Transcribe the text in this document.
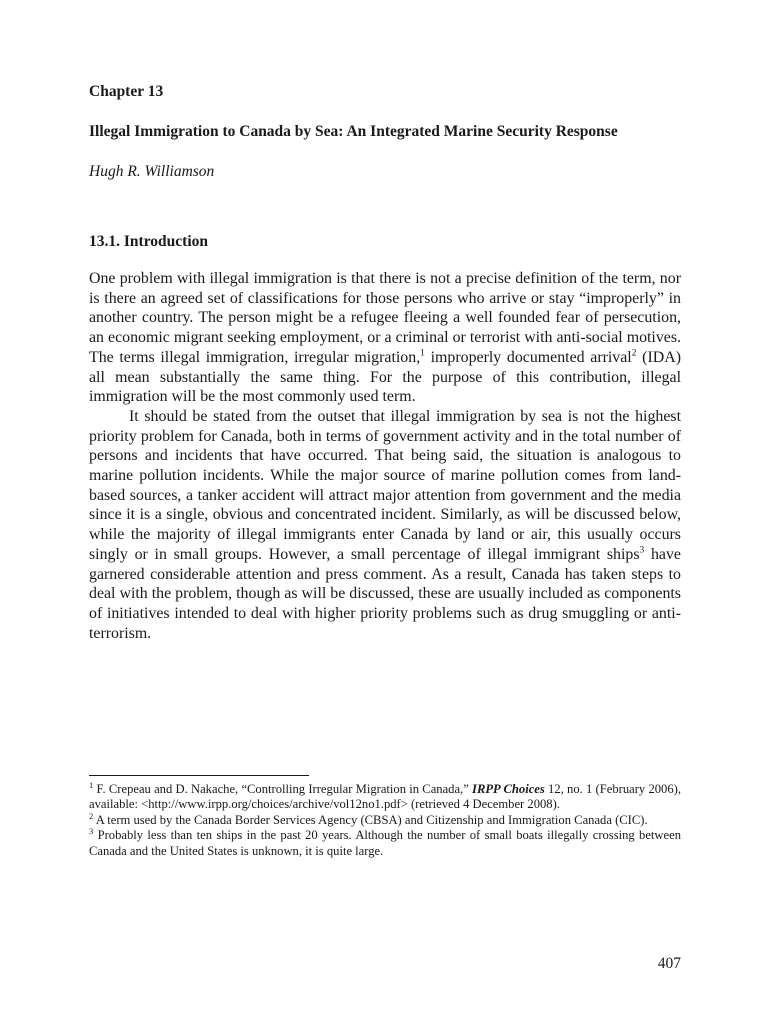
Chapter 13

Illegal Immigration to Canada by Sea: An Integrated Marine Security Response

Hugh R. Williamson

13.1. Introduction

One problem with illegal immigration is that there is not a precise definition of the term, nor is there an agreed set of classifications for those persons who arrive or stay “improperly” in another country. The person might be a refugee fleeing a well founded fear of persecution, an economic migrant seeking employment, or a criminal or terrorist with anti-social motives. The terms illegal immigration, irregular migration,$^1$ improperly documented arrival$^2$ (IDA) all mean substantially the same thing. For the purpose of this contribution, illegal immigration will be the most commonly used term.

It should be stated from the outset that illegal immigration by sea is not the highest priority problem for Canada, both in terms of government activity and in the total number of persons and incidents that have occurred. That being said, the situation is analogous to marine pollution incidents. While the major source of marine pollution comes from land-based sources, a tanker accident will attract major attention from government and the media since it is a single, obvious and concentrated incident. Similarly, as will be discussed below, while the majority of illegal immigrants enter Canada by land or air, this usually occurs singly or in small groups. However, a small percentage of illegal immigrant ships$^3$ have garnered considerable attention and press comment. As a result, Canada has taken steps to deal with the problem, though as will be discussed, these are usually included as components of initiatives intended to deal with higher priority problems such as drug smuggling or anti-terrorism.

$^1$ F. Crepeau and D. Nakache, “Controlling Irregular Migration in Canada,” IRPP Choices 12, no. 1 (February 2006), available: <http://www.irpp.org/choices/archive/vol12no1.pdf> (retrieved 4 December 2008).

$^2$ A term used by the Canada Border Services Agency (CBSA) and Citizenship and Immigration Canada (CIC).

$^3$ Probably less than ten ships in the past 20 years. Although the number of small boats illegally crossing between Canada and the United States is unknown, it is quite large.

407
